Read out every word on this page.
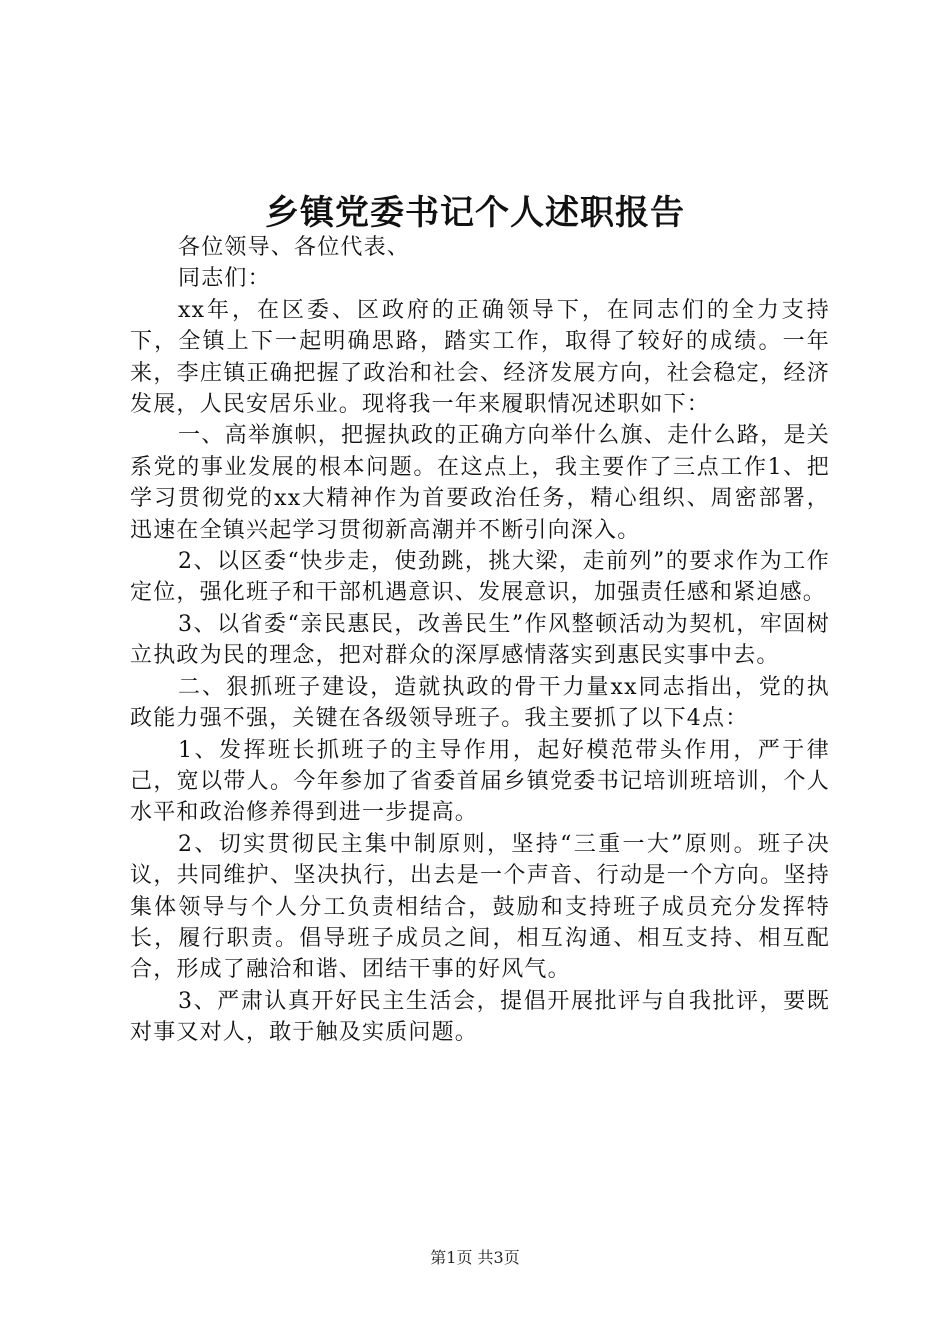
乡镇党委书记个人述职报告

各位领导、各位代表、

同志们：

xx年，在区委、区政府的正确领导下，在同志们的全力支持下，全镇上下一起明确思路，踏实工作，取得了较好的成绩。一年来，李庄镇正确把握了政治和社会、经济发展方向，社会稳定，经济发展，人民安居乐业。现将我一年来履职情况述职如下：

一、高举旗帜，把握执政的正确方向举什么旗、走什么路，是关系党的事业发展的根本问题。在这点上，我主要作了三点工作1、把学习贯彻党的xx大精神作为首要政治任务，精心组织、周密部署，迅速在全镇兴起学习贯彻新高潮并不断引向深入。

2、以区委“快步走，使劲跳，挑大梁，走前列”的要求作为工作定位，强化班子和干部机遇意识、发展意识，加强责任感和紧迫感。

3、以省委“亲民惠民，改善民生”作风整顿活动为契机，牢固树立执政为民的理念，把对群众的深厚感情落实到惠民实事中去。

二、狠抓班子建设，造就执政的骨干力量xx同志指出，党的执政能力强不强，关键在各级领导班子。我主要抓了以下4点：

1、发挥班长抓班子的主导作用，起好模范带头作用，严于律己，宽以带人。今年参加了省委首届乡镇党委书记培训班培训，个人水平和政治修养得到进一步提高。

2、切实贯彻民主集中制原则，坚持“三重一大”原则。班子决议，共同维护、坚决执行，出去是一个声音、行动是一个方向。坚持集体领导与个人分工负责相结合，鼓励和支持班子成员充分发挥特长，履行职责。倡导班子成员之间，相互沟通、相互支持、相互配合，形成了融洽和谐、团结干事的好风气。

3、严肃认真开好民主生活会，提倡开展批评与自我批评，要既对事又对人，敢于触及实质问题。

第1页 共3页
